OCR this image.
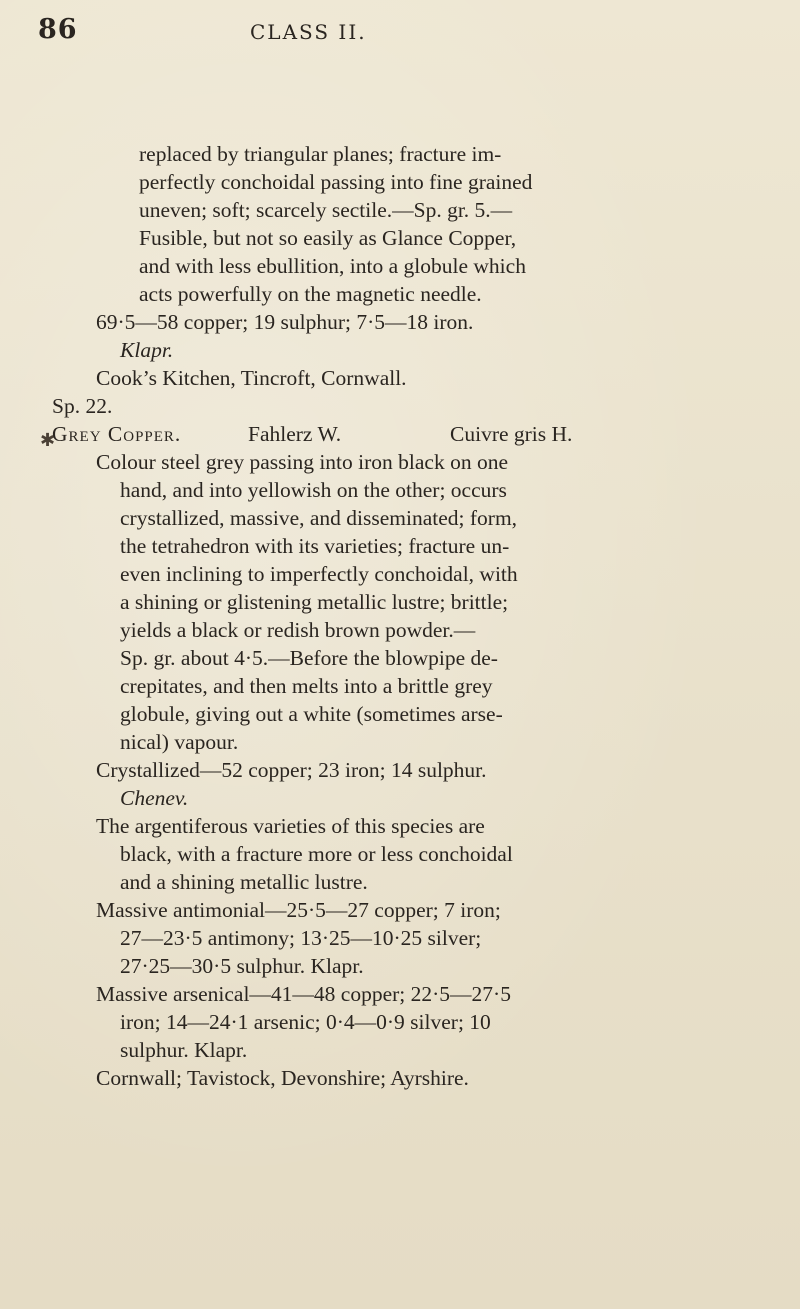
86	CLASS II.
✱
replaced by triangular planes; fracture im-
perfectly conchoidal passing into fine grained
uneven; soft; scarcely sectile.—Sp. gr. 5.—
Fusible, but not so easily as Glance Copper,
and with less ebullition, into a globule which
acts powerfully on the magnetic needle.
69·5—58 copper; 19 sulphur; 7·5—18 iron.
Klapr.
Cook’s Kitchen, Tincroft, Cornwall.
Sp. 22.
Grey Copper.	Fahlerz W.	Cuivre gris H.
Colour steel grey passing into iron black on one
hand, and into yellowish on the other; occurs
crystallized, massive, and disseminated; form,
the tetrahedron with its varieties; fracture un-
even inclining to imperfectly conchoidal, with
a shining or glistening metallic lustre; brittle;
yields a black or redish brown powder.—
Sp. gr. about 4·5.—Before the blowpipe de-
crepitates, and then melts into a brittle grey
globule, giving out a white (sometimes arse-
nical) vapour.
Crystallized—52 copper; 23 iron; 14 sulphur.
Chenev.
The argentiferous varieties of this species are
black, with a fracture more or less conchoidal
and a shining metallic lustre.
Massive antimonial—25·5—27 copper; 7 iron;
27—23·5 antimony; 13·25—10·25 silver;
27·25—30·5 sulphur. Klapr.
Massive arsenical—41—48 copper; 22·5—27·5
iron; 14—24·1 arsenic; 0·4—0·9 silver; 10
sulphur. Klapr.
Cornwall; Tavistock, Devonshire; Ayrshire.
